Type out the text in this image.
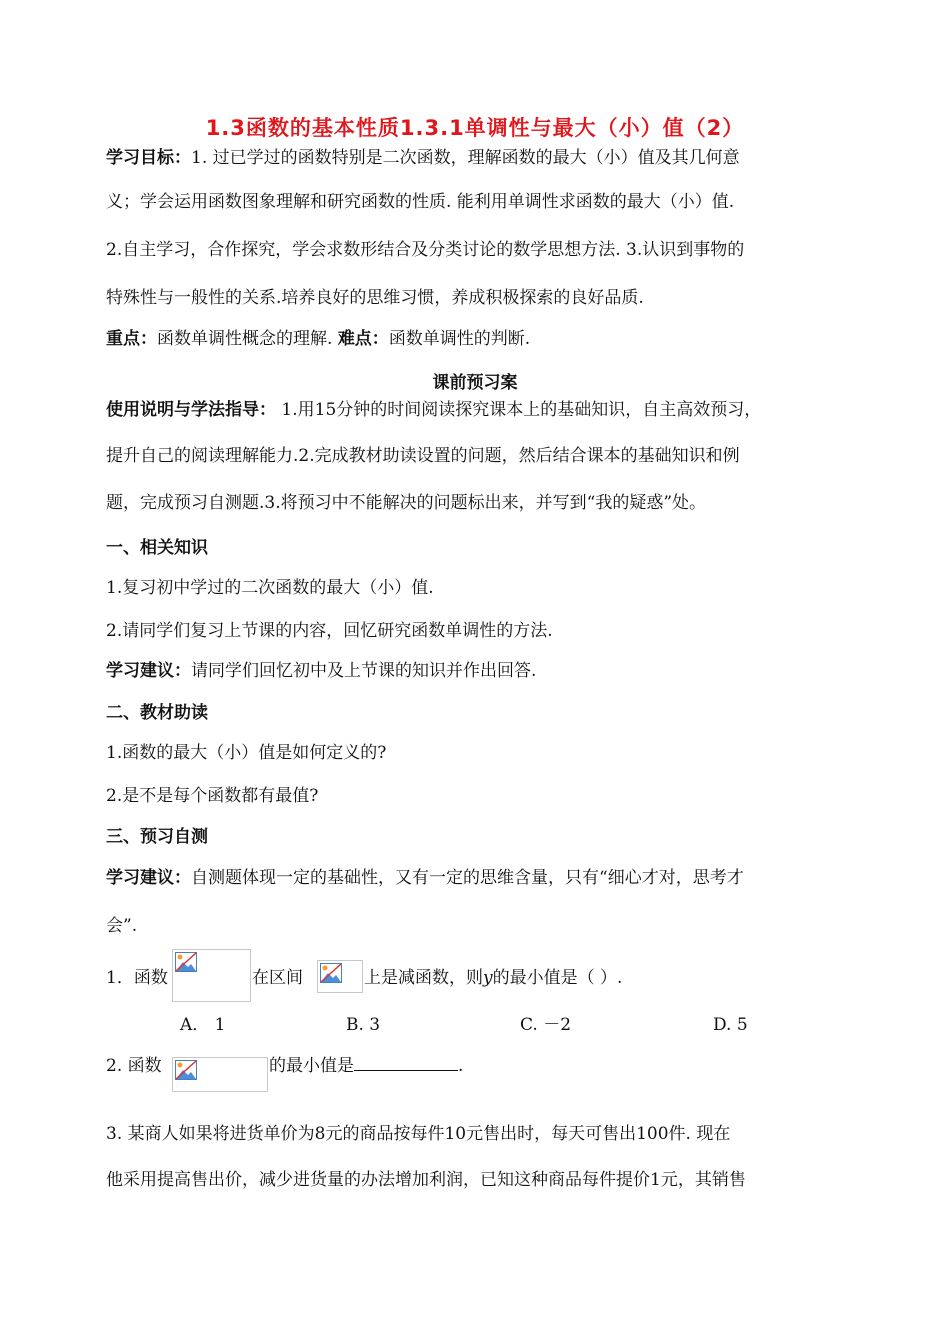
1.3函数的基本性质1.3.1单调性与最大（小）值（2）
学习目标：1. 过已学过的函数特别是二次函数，理解函数的最大（小）值及其几何意
义；学会运用函数图象理解和研究函数的性质. 能利用单调性求函数的最大（小）值.
2.自主学习，合作探究，学会求数形结合及分类讨论的数学思想方法. 3.认识到事物的
特殊性与一般性的关系.培养良好的思维习惯，养成积极探索的良好品质.
重点：函数单调性概念的理解. 难点：函数单调性的判断.
课前预习案
使用说明与学法指导： 1.用15分钟的时间阅读探究课本上的基础知识，自主高效预习，
提升自己的阅读理解能力.2.完成教材助读设置的问题，然后结合课本的基础知识和例
题，完成预习自测题.3.将预习中不能解决的问题标出来，并写到“我的疑惑”处。
一、相关知识
1.复习初中学过的二次函数的最大（小）值.
2.请同学们复习上节课的内容，回忆研究函数单调性的方法.
学习建议：请同学们回忆初中及上节课的知识并作出回答.
二、教材助读
1.函数的最大（小）值是如何定义的?
2.是不是每个函数都有最值?
三、预习自测
学习建议：自测题体现一定的基础性，又有一定的思维含量，只有“细心才对，思考才
会”.
1．函数	在区间	上是减函数，则y的最小值是（ ）.
A． 1	B. 3	C. －2	D. 5
2. 函数	的最小值是	.
3. 某商人如果将进货单价为8元的商品按每件10元售出时，每天可售出100件. 现在
他采用提高售出价，减少进货量的办法增加利润，已知这种商品每件提价1元，其销售
